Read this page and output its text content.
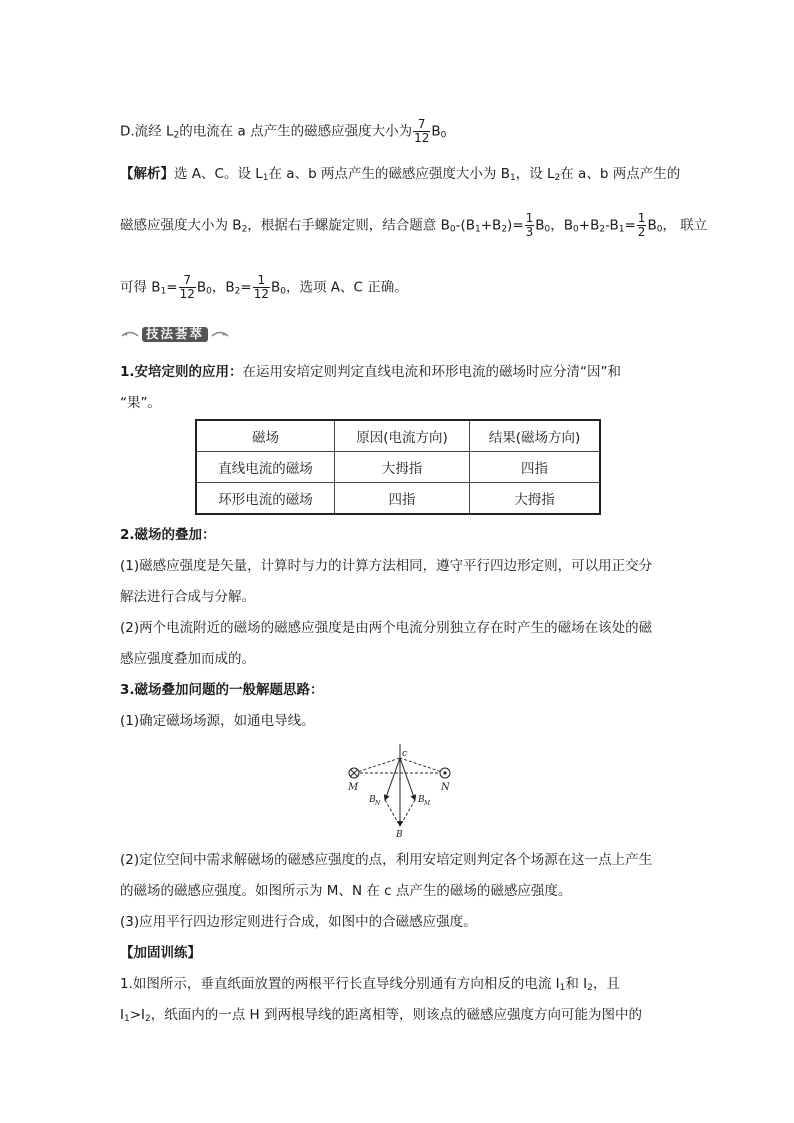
D.流经 $L_2$的电流在 a 点产生的磁感应强度大小为 $\frac{7}{12} B_0$
【解析】选 A、C。设 $L_1$在 a、b 两点产生的磁感应强度大小为 $B_1$，设 $L_2$在 a、b 两点产生的
磁感应强度大小为 $B_2$，根据右手螺旋定则，结合题意 $B_0-(B_1+B_2)= \frac{1}{3} B_0$，$B_0+B_2-B_1= \frac{1}{2} B_0$， 联立
可得 $B_1= \frac{7}{12} B_0$，$B_2= \frac{1}{12} B_0$，选项 A、C 正确。
技法荟萃
1.安培定则的应用：在运用安培定则判定直线电流和环形电流的磁场时应分清“因”和
“果”。
磁场	原因(电流方向)	结果(磁场方向)
直线电流的磁场	大拇指	四指
环形电流的磁场	四指	大拇指
2.磁场的叠加：
(1)磁感应强度是矢量，计算时与力的计算方法相同，遵守平行四边形定则，可以用正交分
解法进行合成与分解。
(2)两个电流附近的磁场的磁感应强度是由两个电流分别独立存在时产生的磁场在该处的磁
感应强度叠加而成的。
3.磁场叠加问题的一般解题思路：
(1)确定磁场场源，如通电导线。
c
M	N
B N	B M
B
(2)定位空间中需求解磁场的磁感应强度的点，利用安培定则判定各个场源在这一点上产生
的磁场的磁感应强度。如图所示为 M、N 在 c 点产生的磁场的磁感应强度。
(3)应用平行四边形定则进行合成，如图中的合磁感应强度。
【加固训练】
1.如图所示，垂直纸面放置的两根平行长直导线分别通有方向相反的电流 $I_1$和 $I_2$，且
$I_1>I_2$，纸面内的一点 H 到两根导线的距离相等，则该点的磁感应强度方向可能为图中的
